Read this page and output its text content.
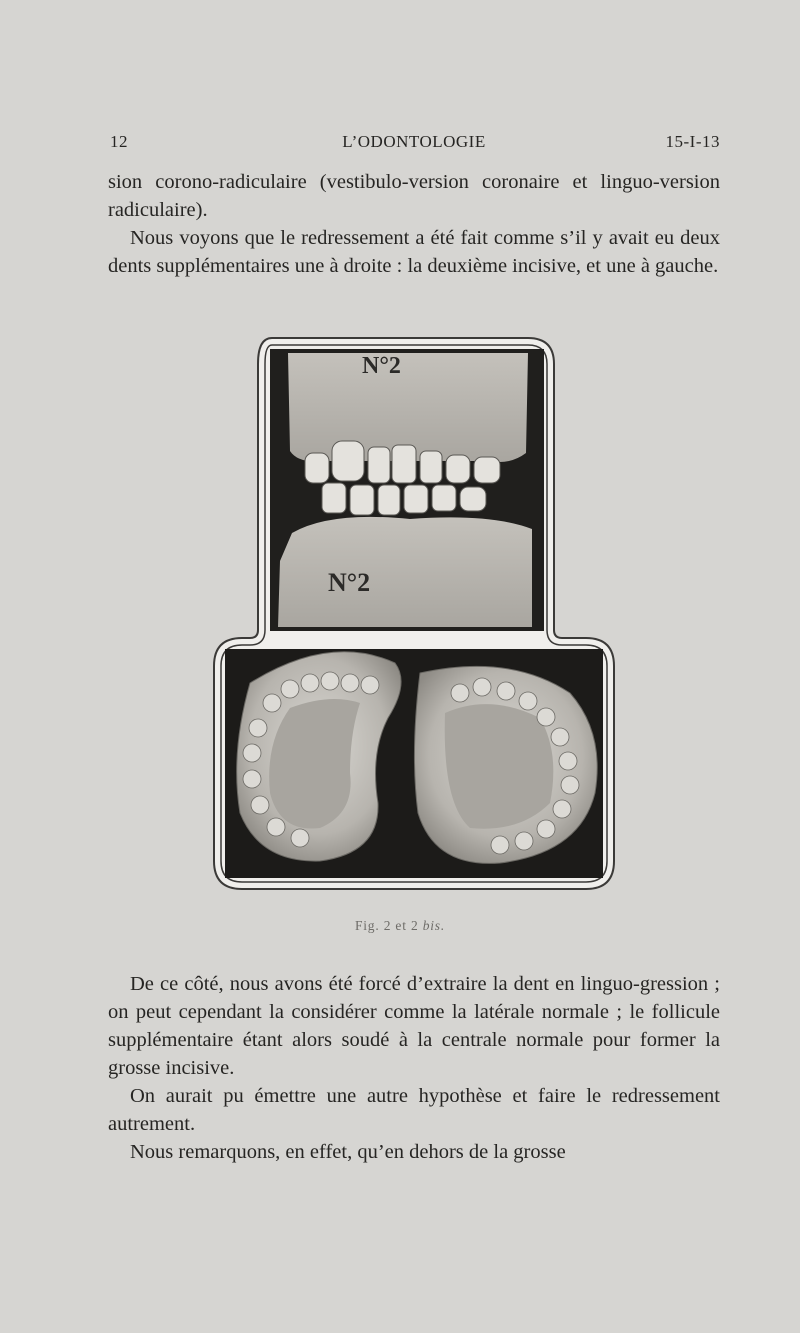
12	L’ODONTOLOGIE	15-I-13

sion corono-radiculaire (vestibulo-version coronaire et linguo-version radiculaire).

Nous voyons que le redressement a été fait comme s’il y avait eu deux dents supplémentaires une à droite : la deuxième incisive, et une à gauche.

N°2
N°2
Fig. 2 et 2 bis.

De ce côté, nous avons été forcé d’extraire la dent en linguo-gression ; on peut cependant la considérer comme la latérale normale ; le follicule supplémentaire étant alors soudé à la centrale normale pour former la grosse incisive.

On aurait pu émettre une autre hypothèse et faire le redressement autrement.

Nous remarquons, en effet, qu’en dehors de la grosse
